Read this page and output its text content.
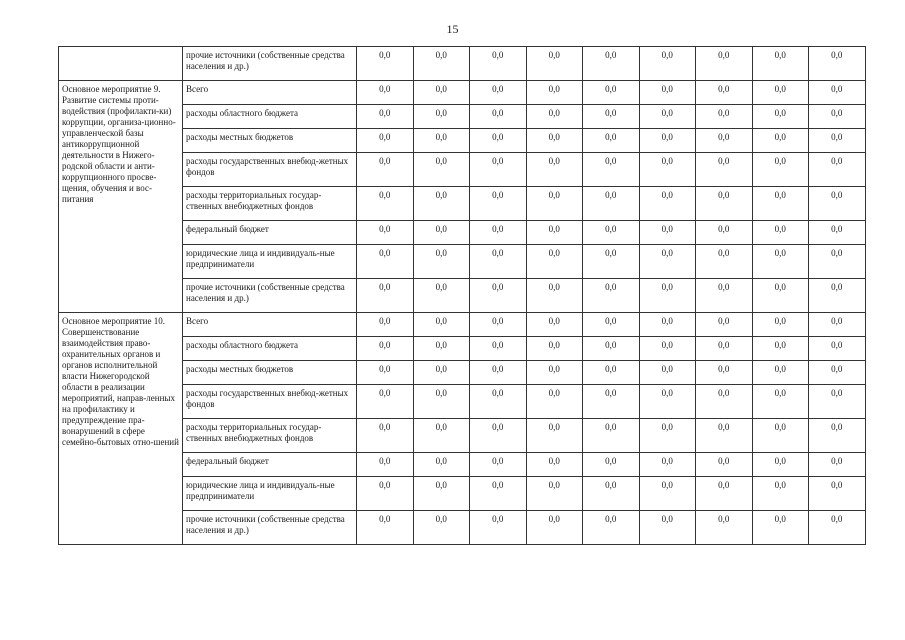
15
	прочие источники (собственные средства населения и др.)	0,0	0,0	0,0	0,0	0,0	0,0	0,0	0,0	0,0
Основное мероприятие 9. Развитие системы проти-водействия (профилакти-ки) коррупции, организа-ционно-управленческой базы антикоррупционной деятельности в Нижего-родской области и анти-коррупционного просве-щения, обучения и вос-питания	Всего	0,0	0,0	0,0	0,0	0,0	0,0	0,0	0,0	0,0
	расходы областного бюджета	0,0	0,0	0,0	0,0	0,0	0,0	0,0	0,0	0,0
	расходы местных бюджетов	0,0	0,0	0,0	0,0	0,0	0,0	0,0	0,0	0,0
	расходы государственных внебюд-жетных фондов	0,0	0,0	0,0	0,0	0,0	0,0	0,0	0,0	0,0
	расходы территориальных государ-ственных внебюджетных фондов	0,0	0,0	0,0	0,0	0,0	0,0	0,0	0,0	0,0
	федеральный бюджет	0,0	0,0	0,0	0,0	0,0	0,0	0,0	0,0	0,0
	юридические лица и индивидуаль-ные предприниматели	0,0	0,0	0,0	0,0	0,0	0,0	0,0	0,0	0,0
	прочие источники (собственные средства населения и др.)	0,0	0,0	0,0	0,0	0,0	0,0	0,0	0,0	0,0
Основное мероприятие 10. Совершенствование взаимодействия право-охранительных органов и органов исполнительной власти Нижегородской области в реализации мероприятий, направ-ленных на профилактику и предупреждение пра-вонарушений в сфере семейно-бытовых отно-шений	Всего	0,0	0,0	0,0	0,0	0,0	0,0	0,0	0,0	0,0
	расходы областного бюджета	0,0	0,0	0,0	0,0	0,0	0,0	0,0	0,0	0,0
	расходы местных бюджетов	0,0	0,0	0,0	0,0	0,0	0,0	0,0	0,0	0,0
	расходы государственных внебюд-жетных фондов	0,0	0,0	0,0	0,0	0,0	0,0	0,0	0,0	0,0
	расходы территориальных государ-ственных внебюджетных фондов	0,0	0,0	0,0	0,0	0,0	0,0	0,0	0,0	0,0
	федеральный бюджет	0,0	0,0	0,0	0,0	0,0	0,0	0,0	0,0	0,0
	юридические лица и индивидуаль-ные предприниматели	0,0	0,0	0,0	0,0	0,0	0,0	0,0	0,0	0,0
	прочие источники (собственные средства населения и др.)	0,0	0,0	0,0	0,0	0,0	0,0	0,0	0,0	0,0
